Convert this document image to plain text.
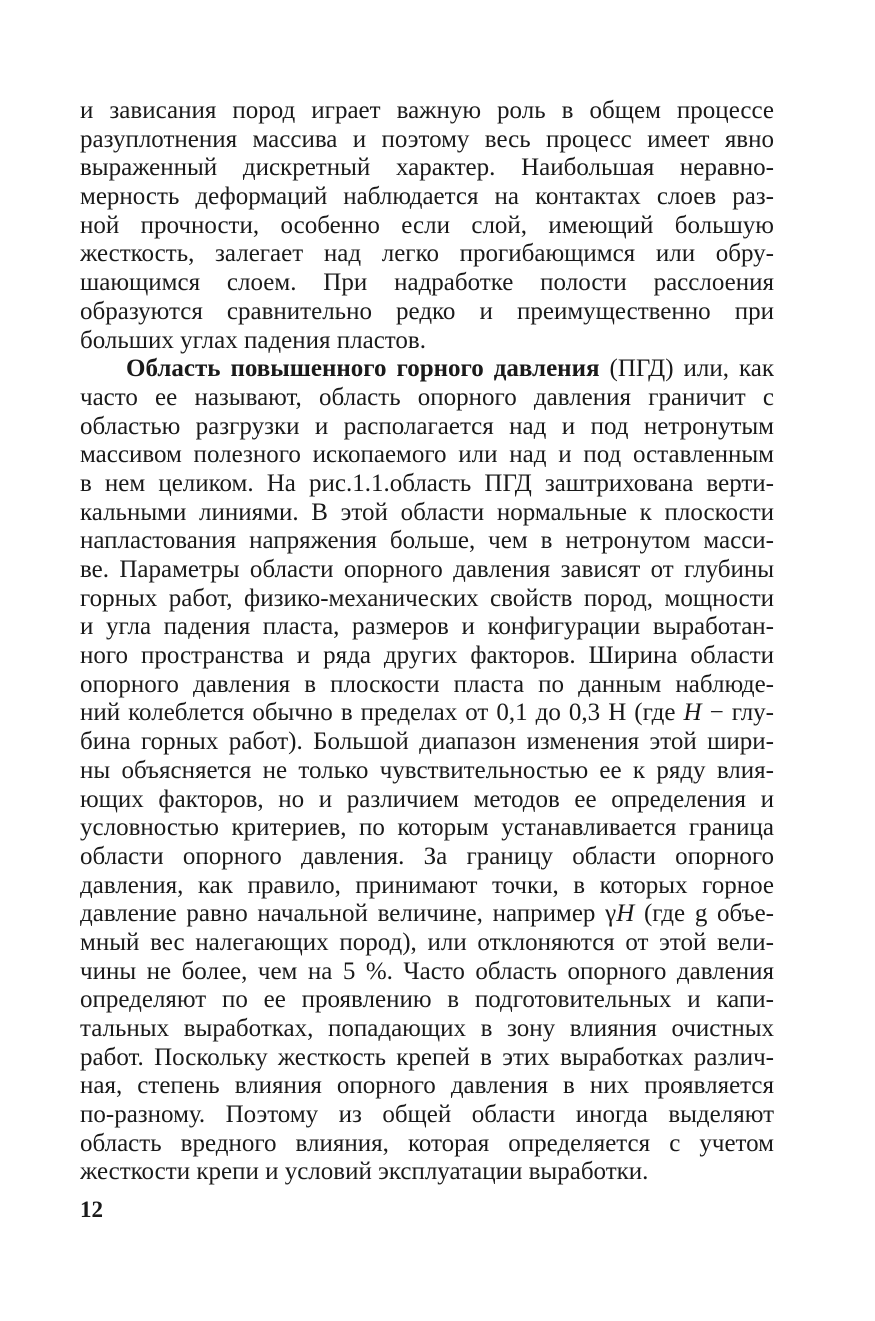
и зависания пород играет важную роль в общем процессе
разуплотнения массива и поэтому весь процесс имеет явно
выраженный дискретный характер. Наибольшая неравно-
мерность деформаций наблюдается на контактах слоев раз-
ной прочности, особенно если слой, имеющий большую
жесткость, залегает над легко прогибающимся или обру-
шающимся слоем. При надработке полости расслоения
образуются сравнительно редко и преимущественно при
больших углах падения пластов.
Область повышенного горного давления (ПГД) или, как
часто ее называют, область опорного давления граничит с
областью разгрузки и располагается над и под нетронутым
массивом полезного ископаемого или над и под оставленным
в нем целиком. На рис.1.1.область ПГД заштрихована верти-
кальными линиями. В этой области нормальные к плоскости
напластования напряжения больше, чем в нетронутом масси-
ве. Параметры области опорного давления зависят от глубины
горных работ, физико-механических свойств пород, мощности
и угла падения пласта, размеров и конфигурации выработан-
ного пространства и ряда других факторов. Ширина области
опорного давления в плоскости пласта по данным наблюде-
ний колеблется обычно в пределах от 0,1 до 0,3 Н (где H − глу-
бина горных работ). Большой диапазон изменения этой шири-
ны объясняется не только чувствительностью ее к ряду влия-
ющих факторов, но и различием методов ее определения и
условностью критериев, по которым устанавливается граница
области опорного давления. За границу области опорного
давления, как правило, принимают точки, в которых горное
давление равно начальной величине, например γH (где g объе-
мный вес налегающих пород), или отклоняются от этой вели-
чины не более, чем на 5 %. Часто область опорного давления
определяют по ее проявлению в подготовительных и капи-
тальных выработках, попадающих в зону влияния очистных
работ. Поскольку жесткость крепей в этих выработках различ-
ная, степень влияния опорного давления в них проявляется
по-разному. Поэтому из общей области иногда выделяют
область вредного влияния, которая определяется с учетом
жесткости крепи и условий эксплуатации выработки.
12
